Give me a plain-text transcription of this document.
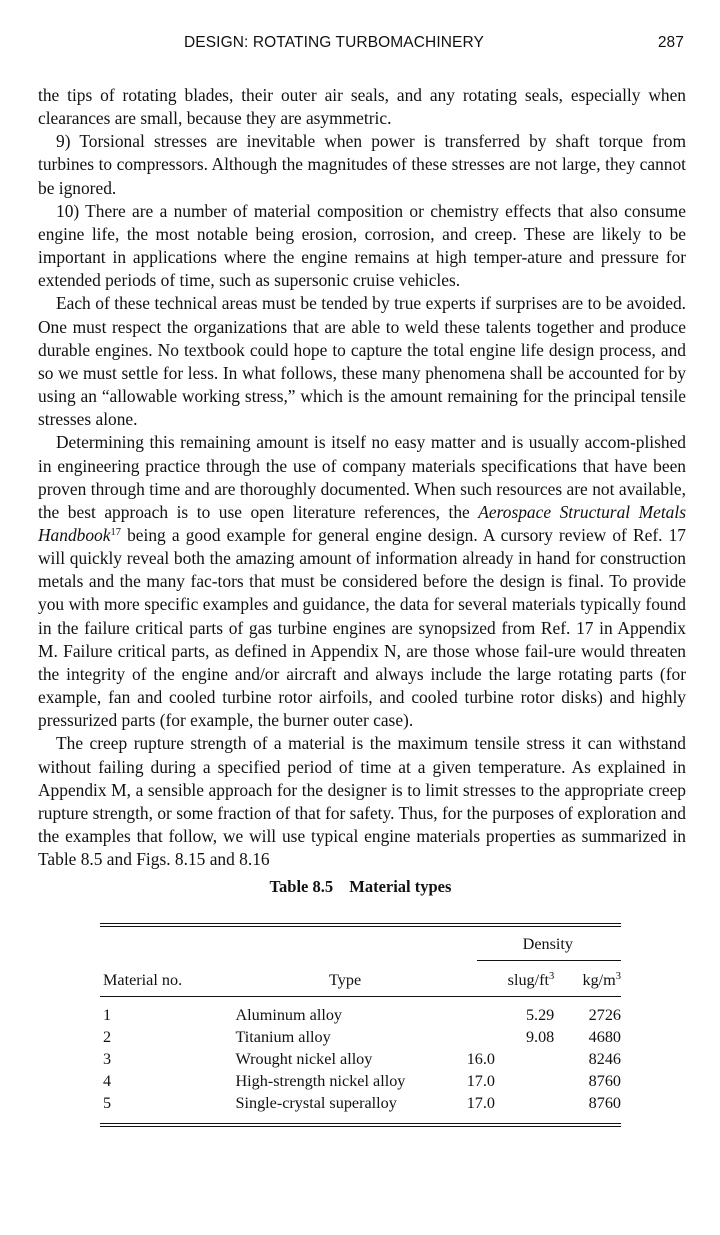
DESIGN: ROTATING TURBOMACHINERY	287

the tips of rotating blades, their outer air seals, and any rotating seals, especially when clearances are small, because they are asymmetric.

9) Torsional stresses are inevitable when power is transferred by shaft torque from turbines to compressors. Although the magnitudes of these stresses are not large, they cannot be ignored.

10) There are a number of material composition or chemistry effects that also consume engine life, the most notable being erosion, corrosion, and creep. These are likely to be important in applications where the engine remains at high temper-ature and pressure for extended periods of time, such as supersonic cruise vehicles.

Each of these technical areas must be tended by true experts if surprises are to be avoided. One must respect the organizations that are able to weld these talents together and produce durable engines. No textbook could hope to capture the total engine life design process, and so we must settle for less. In what follows, these many phenomena shall be accounted for by using an “allowable working stress,” which is the amount remaining for the principal tensile stresses alone.

Determining this remaining amount is itself no easy matter and is usually accom-plished in engineering practice through the use of company materials specifications that have been proven through time and are thoroughly documented. When such resources are not available, the best approach is to use open literature references, the Aerospace Structural Metals Handbook$^{17}$ being a good example for general engine design. A cursory review of Ref. 17 will quickly reveal both the amazing amount of information already in hand for construction metals and the many fac-tors that must be considered before the design is final. To provide you with more specific examples and guidance, the data for several materials typically found in the failure critical parts of gas turbine engines are synopsized from Ref. 17 in Appendix M. Failure critical parts, as defined in Appendix N, are those whose fail-ure would threaten the integrity of the engine and/or aircraft and always include the large rotating parts (for example, fan and cooled turbine rotor airfoils, and cooled turbine rotor disks) and highly pressurized parts (for example, the burner outer case).

The creep rupture strength of a material is the maximum tensile stress it can withstand without failing during a specified period of time at a given temperature. As explained in Appendix M, a sensible approach for the designer is to limit stresses to the appropriate creep rupture strength, or some fraction of that for safety. Thus, for the purposes of exploration and the examples that follow, we will use typical engine materials properties as summarized in Table 8.5 and Figs. 8.15 and 8.16

Table 8.5 Material types
		Density	

Material no.	Type	slug/$ft^3$	$kg/m^3$

1	Aluminum alloy	5.29	2726
2	Titanium alloy	9.08	4680
3	Wrought nickel alloy	16.0	8246
4	High-strength nickel alloy	17.0	8760
5	Single-crystal superalloy	17.0	8760
